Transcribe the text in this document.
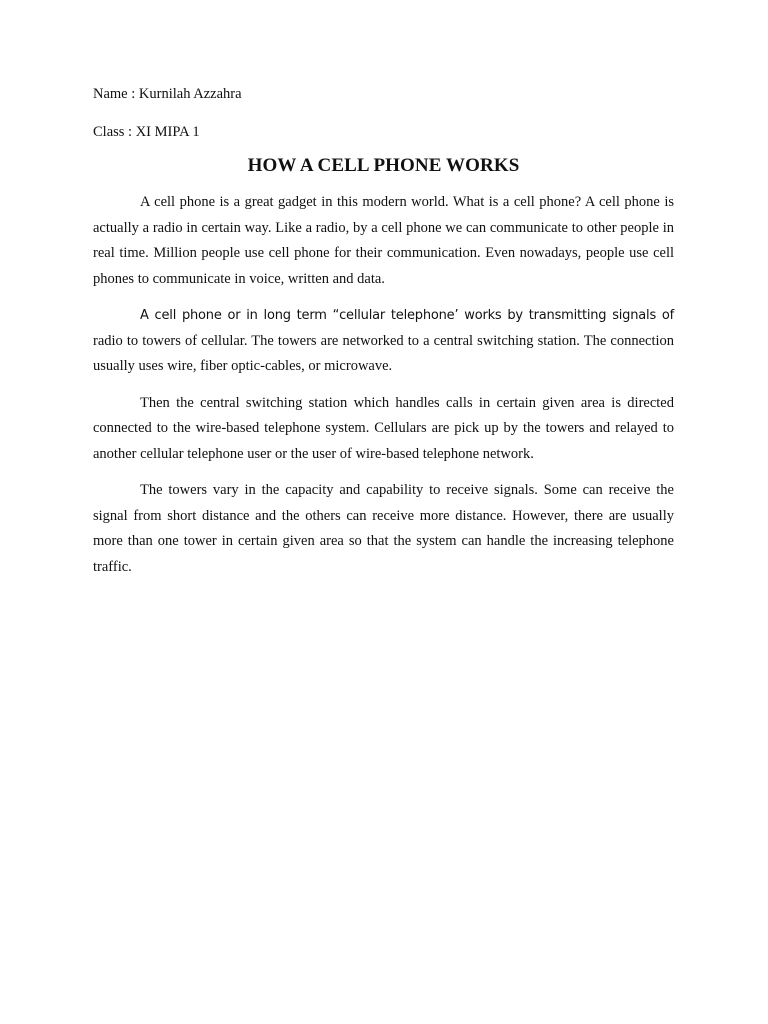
Name : Kurnilah Azzahra

Class : XI MIPA 1

HOW A CELL PHONE WORKS

A cell phone is a great gadget in this modern world. What is a cell phone? A cell phone is actually a radio in certain way. Like a radio, by a cell phone we can communicate to other people in real time. Million people use cell phone for their communication. Even nowadays, people use cell phones to communicate in voice, written and data.

A cell phone or in long term “cellular telephone’ works by transmitting signals of radio to towers of cellular. The towers are networked to a central switching station. The connection usually uses wire, fiber optic-cables, or microwave.

Then the central switching station which handles calls in certain given area is directed connected to the wire-based telephone system. Cellulars are pick up by the towers and relayed to another cellular telephone user or the user of wire-based telephone network.

The towers vary in the capacity and capability to receive signals. Some can receive the signal from short distance and the others can receive more distance. However, there are usually more than one tower in certain given area so that the system can handle the increasing telephone traffic.
